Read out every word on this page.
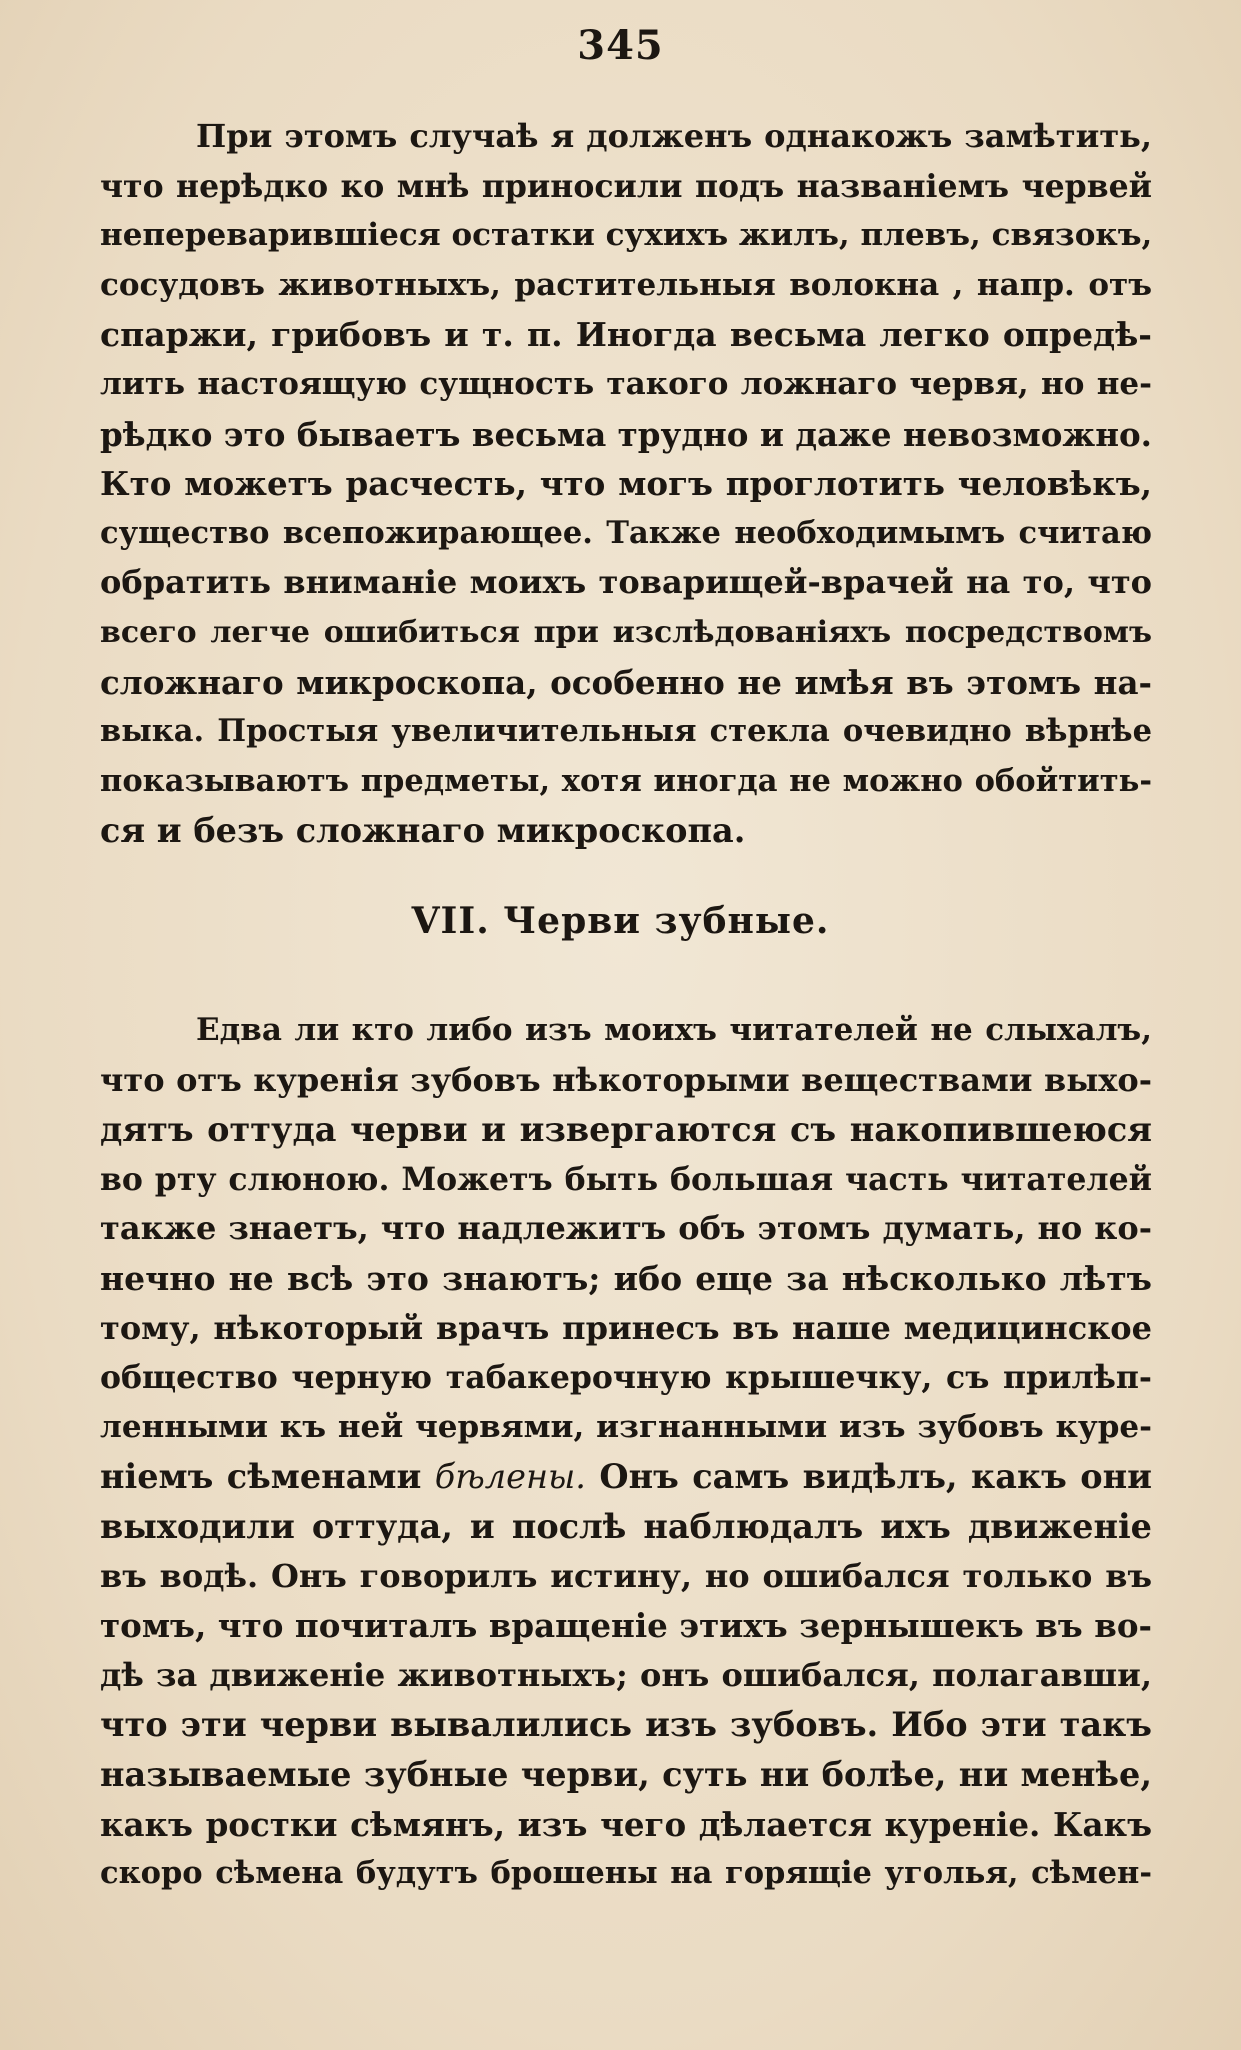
345
При этомъ случаѣ я долженъ однакожъ замѣтить,
что нерѣдко ко мнѣ приносили подъ названіемъ червей
непереварившіеся остатки сухихъ жилъ, плевъ, связокъ,
сосудовъ животныхъ, растительныя волокна , напр. отъ
спаржи, грибовъ и т. п. Иногда весьма легко опредѣ-
лить настоящую сущность такого ложнаго червя, но не-
рѣдко это бываетъ весьма трудно и даже невозможно.
Кто можетъ расчесть, что могъ проглотить человѣкъ,
существо всепожирающее. Также необходимымъ считаю
обратить вниманіе моихъ товарищей-врачей на то, что
всего легче ошибиться при изслѣдованіяхъ посредствомъ
сложнаго микроскопа, особенно не имѣя въ этомъ на-
выка. Простыя увеличительныя стекла очевидно вѣрнѣе
показываютъ предметы, хотя иногда не можно обойтить-
ся и безъ сложнаго микроскопа.
VII. Черви зубные.
Едва ли кто либо изъ моихъ читателей не слыхалъ,
что отъ куренія зубовъ нѣкоторыми веществами выхо-
дятъ оттуда черви и извергаются съ накопившеюся
во рту слюною. Можетъ быть большая часть читателей
также знаетъ, что надлежитъ объ этомъ думать, но ко-
нечно не всѣ это знаютъ; ибо еще за нѣсколько лѣтъ
тому, нѣкоторый врачъ принесъ въ наше медицинское
общество черную табакерочную крышечку, съ прилѣп-
ленными къ ней червями, изгнанными изъ зубовъ куре-
ніемъ сѣменами бѣлены. Онъ самъ видѣлъ, какъ они
выходили оттуда, и послѣ наблюдалъ ихъ движеніе
въ водѣ. Онъ говорилъ истину, но ошибался только въ
томъ, что почиталъ вращеніе этихъ зернышекъ въ во-
дѣ за движеніе животныхъ; онъ ошибался, полагавши,
что эти черви вывалились изъ зубовъ. Ибо эти такъ
называемые зубные черви, суть ни болѣе, ни менѣе,
какъ ростки сѣмянъ, изъ чего дѣлается куреніе. Какъ
скоро сѣмена будутъ брошены на горящіе уголья, сѣмен-
